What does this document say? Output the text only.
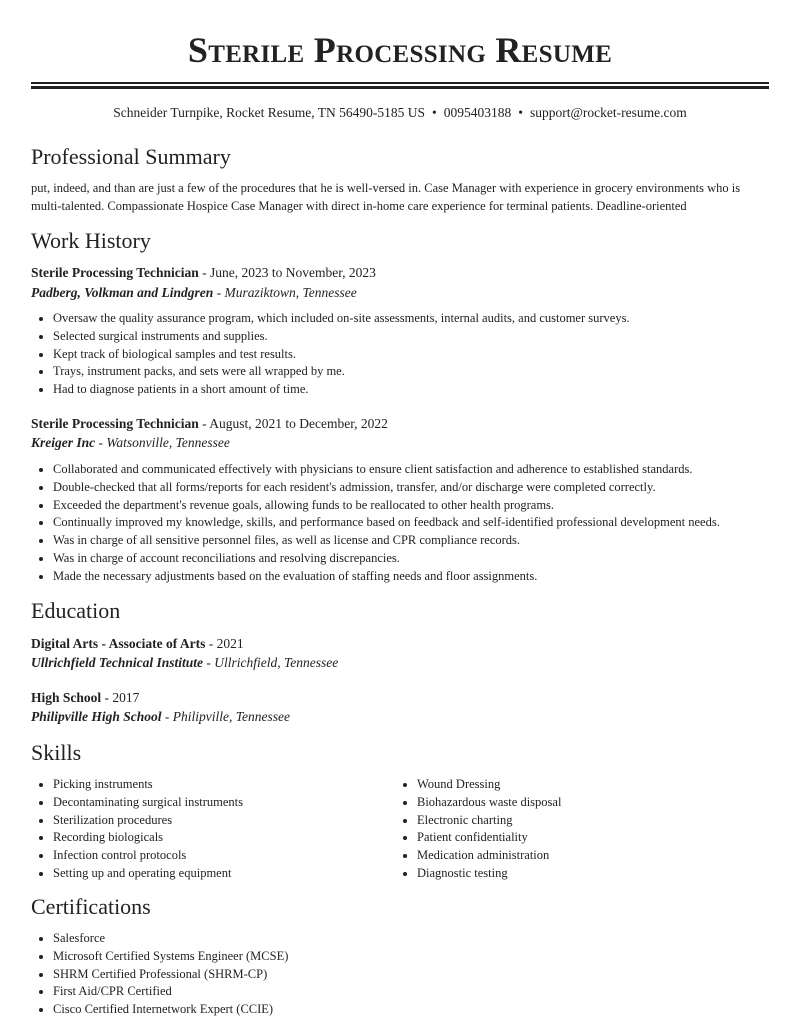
Sterile Processing Resume
Schneider Turnpike, Rocket Resume, TN 56490-5185 US • 0095403188 • support@rocket-resume.com
Professional Summary

put, indeed, and than are just a few of the procedures that he is well-versed in. Case Manager with experience in grocery environments who is multi-talented. Compassionate Hospice Case Manager with direct in-home care experience for terminal patients. Deadline-oriented

Work History
Sterile Processing Technician - June, 2023 to November, 2023
Padberg, Volkman and Lindgren - Muraziktown, Tennessee
• Oversaw the quality assurance program, which included on-site assessments, internal audits, and customer surveys.
• Selected surgical instruments and supplies.
• Kept track of biological samples and test results.
• Trays, instrument packs, and sets were all wrapped by me.
• Had to diagnose patients in a short amount of time.
Sterile Processing Technician - August, 2021 to December, 2022
Kreiger Inc - Watsonville, Tennessee
• Collaborated and communicated effectively with physicians to ensure client satisfaction and adherence to established standards.
• Double-checked that all forms/reports for each resident's admission, transfer, and/or discharge were completed correctly.
• Exceeded the department's revenue goals, allowing funds to be reallocated to other health programs.
• Continually improved my knowledge, skills, and performance based on feedback and self-identified professional development needs.
• Was in charge of all sensitive personnel files, as well as license and CPR compliance records.
• Was in charge of account reconciliations and resolving discrepancies.
• Made the necessary adjustments based on the evaluation of staffing needs and floor assignments.
Education
Digital Arts - Associate of Arts - 2021
Ullrichfield Technical Institute - Ullrichfield, Tennessee
High School - 2017
Philipville High School - Philipville, Tennessee
Skills
• Picking instruments
• Decontaminating surgical instruments
• Sterilization procedures
• Recording biologicals
• Infection control protocols
• Setting up and operating equipment
• Wound Dressing
• Biohazardous waste disposal
• Electronic charting
• Patient confidentiality
• Medication administration
• Diagnostic testing
Certifications
• Salesforce
• Microsoft Certified Systems Engineer (MCSE)
• SHRM Certified Professional (SHRM-CP)
• First Aid/CPR Certified
• Cisco Certified Internetwork Expert (CCIE)
